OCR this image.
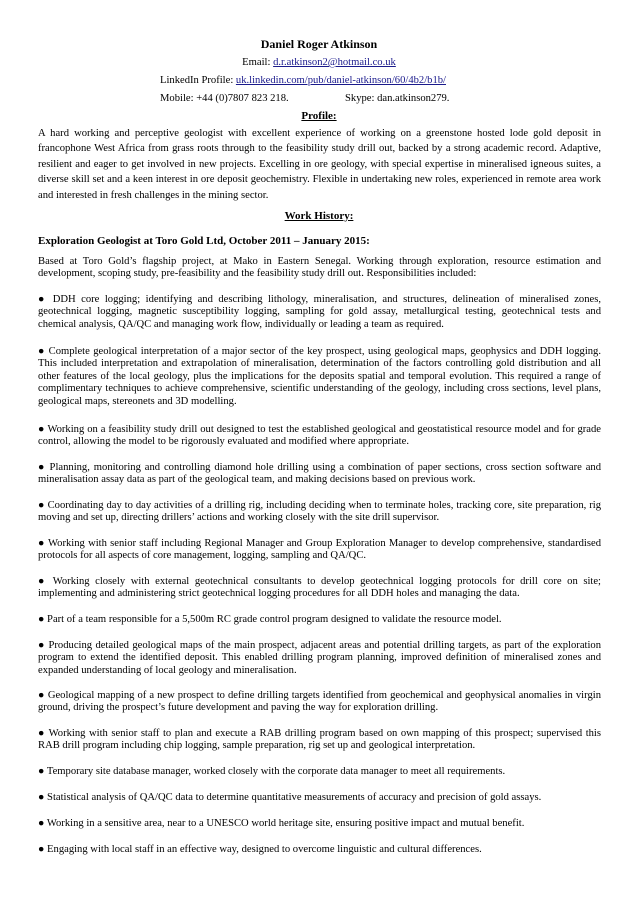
Daniel Roger Atkinson
Email: d.r.atkinson2@hotmail.co.uk
LinkedIn Profile: uk.linkedin.com/pub/daniel-atkinson/60/4b2/b1b/
Mobile: +44 (0)7807 823 218.	Skype: dan.atkinson279.
Profile:
A hard working and perceptive geologist with excellent experience of working on a greenstone hosted lode gold deposit in francophone West Africa from grass roots through to the feasibility study drill out, backed by a strong academic record. Adaptive, resilient and eager to get involved in new projects. Excelling in ore geology, with special expertise in mineralised igneous suites, a diverse skill set and a keen interest in ore deposit geochemistry. Flexible in undertaking new roles, experienced in remote area work and interested in fresh challenges in the mining sector.
Work History:
Exploration Geologist at Toro Gold Ltd, October 2011 – January 2015:
Based at Toro Gold’s flagship project, at Mako in Eastern Senegal. Working through exploration, resource estimation and development, scoping study, pre-feasibility and the feasibility study drill out. Responsibilities included:
● DDH core logging; identifying and describing lithology, mineralisation, and structures, delineation of mineralised zones, geotechnical logging, magnetic susceptibility logging, sampling for gold assay, metallurgical testing, geotechnical tests and chemical analysis, QA/QC and managing work flow, individually or leading a team as required.
● Complete geological interpretation of a major sector of the key prospect, using geological maps, geophysics and DDH logging. This included interpretation and extrapolation of mineralisation, determination of the factors controlling gold distribution and all other features of the local geology, plus the implications for the deposits spatial and temporal evolution. This required a range of complimentary techniques to achieve comprehensive, scientific understanding of the geology, including cross sections, level plans, geological maps, stereonets and 3D modelling.
● Working on a feasibility study drill out designed to test the established geological and geostatistical resource model and for grade control, allowing the model to be rigorously evaluated and modified where appropriate.
● Planning, monitoring and controlling diamond hole drilling using a combination of paper sections, cross section software and mineralisation assay data as part of the geological team, and making decisions based on previous work.
● Coordinating day to day activities of a drilling rig, including deciding when to terminate holes, tracking core, site preparation, rig moving and set up, directing drillers’ actions and working closely with the site drill supervisor.
● Working with senior staff including Regional Manager and Group Exploration Manager to develop comprehensive, standardised protocols for all aspects of core management, logging, sampling and QA/QC.
● Working closely with external geotechnical consultants to develop geotechnical logging protocols for drill core on site; implementing and administering strict geotechnical logging procedures for all DDH holes and managing the data.
● Part of a team responsible for a 5,500m RC grade control program designed to validate the resource model.
● Producing detailed geological maps of the main prospect, adjacent areas and potential drilling targets, as part of the exploration program to extend the identified deposit. This enabled drilling program planning, improved definition of mineralised zones and expanded understanding of local geology and mineralisation.
● Geological mapping of a new prospect to define drilling targets identified from geochemical and geophysical anomalies in virgin ground, driving the prospect’s future development and paving the way for exploration drilling.
● Working with senior staff to plan and execute a RAB drilling program based on own mapping of this prospect; supervised this RAB drill program including chip logging, sample preparation, rig set up and geological interpretation.
● Temporary site database manager, worked closely with the corporate data manager to meet all requirements.
● Statistical analysis of QA/QC data to determine quantitative measurements of accuracy and precision of gold assays.
● Working in a sensitive area, near to a UNESCO world heritage site, ensuring positive impact and mutual benefit.
● Engaging with local staff in an effective way, designed to overcome linguistic and cultural differences.
